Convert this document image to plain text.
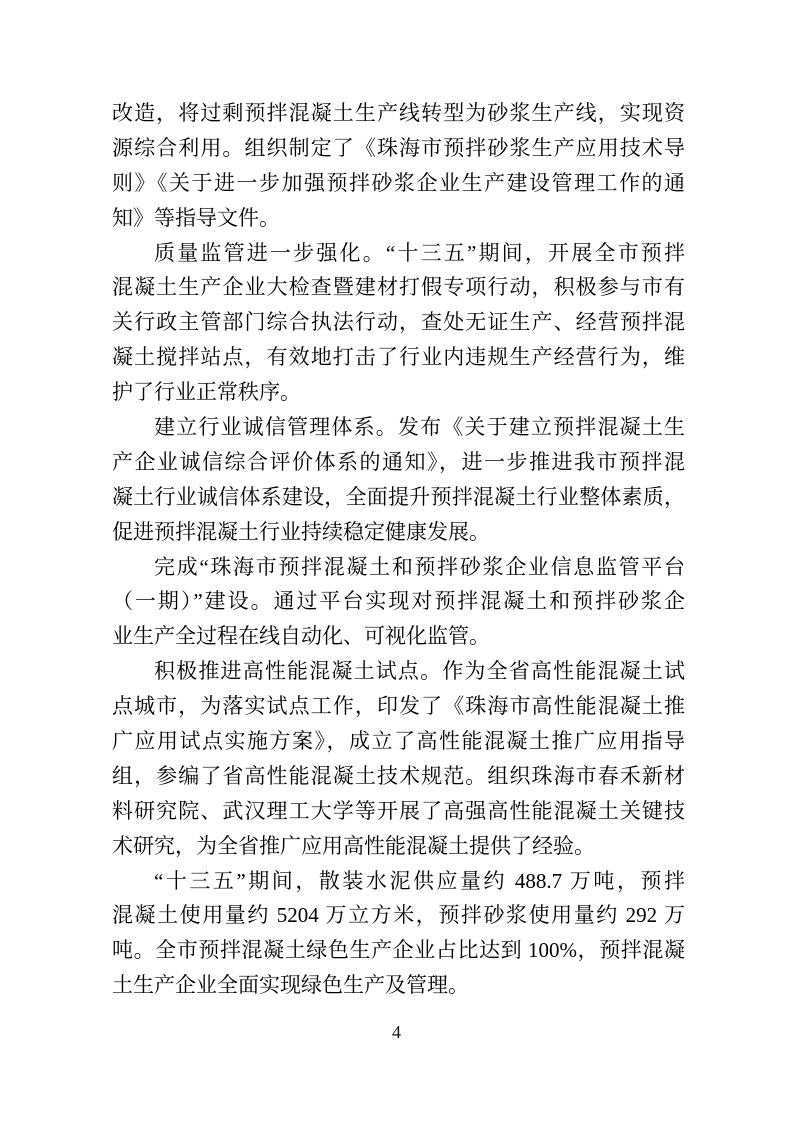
改造，将过剩预拌混凝土生产线转型为砂浆生产线，实现资
源综合利用。组织制定了《珠海市预拌砂浆生产应用技术导
则》《关于进一步加强预拌砂浆企业生产建设管理工作的通
知》等指导文件。
质量监管进一步强化。“十三五”期间，开展全市预拌
混凝土生产企业大检查暨建材打假专项行动，积极参与市有
关行政主管部门综合执法行动，查处无证生产、经营预拌混
凝土搅拌站点，有效地打击了行业内违规生产经营行为，维
护了行业正常秩序。
建立行业诚信管理体系。发布《关于建立预拌混凝土生
产企业诚信综合评价体系的通知》，进一步推进我市预拌混
凝土行业诚信体系建设，全面提升预拌混凝土行业整体素质，
促进预拌混凝土行业持续稳定健康发展。
完成“珠海市预拌混凝土和预拌砂浆企业信息监管平台
（一期）”建设。通过平台实现对预拌混凝土和预拌砂浆企
业生产全过程在线自动化、可视化监管。
积极推进高性能混凝土试点。作为全省高性能混凝土试
点城市，为落实试点工作，印发了《珠海市高性能混凝土推
广应用试点实施方案》，成立了高性能混凝土推广应用指导
组，参编了省高性能混凝土技术规范。组织珠海市春禾新材
料研究院、武汉理工大学等开展了高强高性能混凝土关键技
术研究，为全省推广应用高性能混凝土提供了经验。
“十三五”期间，散装水泥供应量约 488.7 万吨，预拌
混凝土使用量约 5204 万立方米，预拌砂浆使用量约 292 万
吨。全市预拌混凝土绿色生产企业占比达到 100%，预拌混凝
土生产企业全面实现绿色生产及管理。
4
